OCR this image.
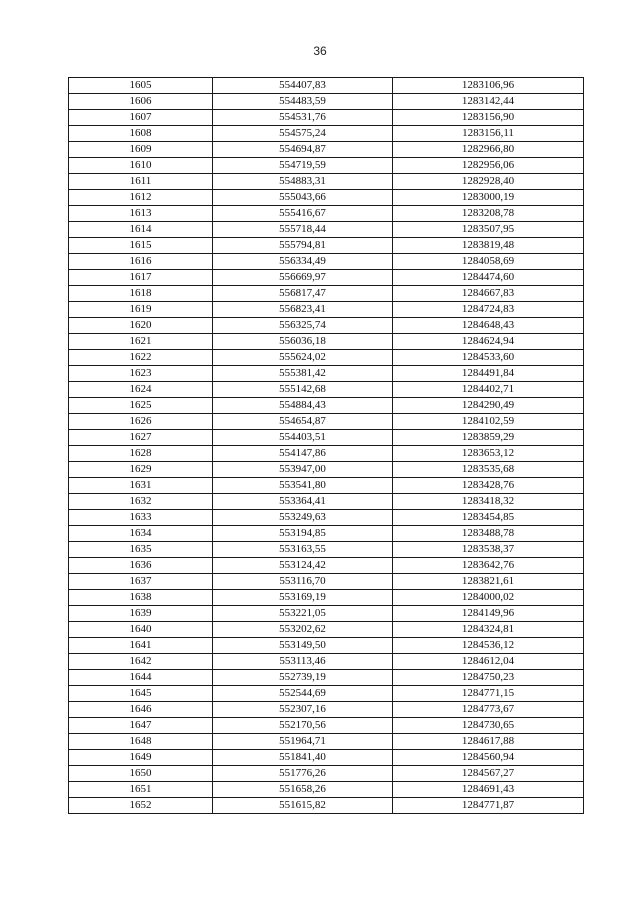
36
1605	554407,83	1283106,96
1606	554483,59	1283142,44
1607	554531,76	1283156,90
1608	554575,24	1283156,11
1609	554694,87	1282966,80
1610	554719,59	1282956,06
1611	554883,31	1282928,40
1612	555043,66	1283000,19
1613	555416,67	1283208,78
1614	555718,44	1283507,95
1615	555794,81	1283819,48
1616	556334,49	1284058,69
1617	556669,97	1284474,60
1618	556817,47	1284667,83
1619	556823,41	1284724,83
1620	556325,74	1284648,43
1621	556036,18	1284624,94
1622	555624,02	1284533,60
1623	555381,42	1284491,84
1624	555142,68	1284402,71
1625	554884,43	1284290,49
1626	554654,87	1284102,59
1627	554403,51	1283859,29
1628	554147,86	1283653,12
1629	553947,00	1283535,68
1631	553541,80	1283428,76
1632	553364,41	1283418,32
1633	553249,63	1283454,85
1634	553194,85	1283488,78
1635	553163,55	1283538,37
1636	553124,42	1283642,76
1637	553116,70	1283821,61
1638	553169,19	1284000,02
1639	553221,05	1284149,96
1640	553202,62	1284324,81
1641	553149,50	1284536,12
1642	553113,46	1284612,04
1644	552739,19	1284750,23
1645	552544,69	1284771,15
1646	552307,16	1284773,67
1647	552170,56	1284730,65
1648	551964,71	1284617,88
1649	551841,40	1284560,94
1650	551776,26	1284567,27
1651	551658,26	1284691,43
1652	551615,82	1284771,87
